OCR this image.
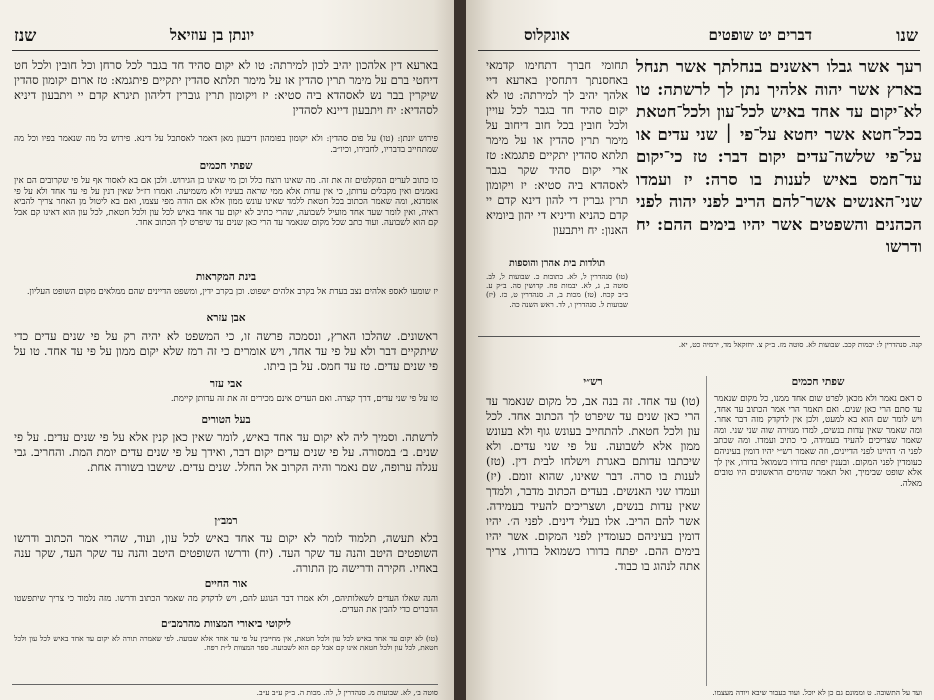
שנז	יונתן בן עוזיאל
בארעא דין אלהכון יהיב לכון למירתה: טו לא יקום סהיד חד בגבר לכל סרחן וכל חובין ולכל חט דיחטי ברם על מימר תרין סהדין או על מימר תלתא סהדין יתקיים פיתגמא: טז ארום יקומון סהדין שיקרין בבר נש לאסהדא ביה סטיא: יז ויקומון תרין גוברין דליהון תיגרא קדם יי ויתבעון דיניא לסהדיא: יח ויתבעון דיינא לסהדין
פירוש יונתן: (טו) על פום סהדין: ולא יקומון בפומהון דיבעון מאן דאמר לאסתכל על דינא. פירוש כל מה שנאמר בפיו וכל מה שמתחייב בדבריו, לחבירו, וכיו״ב.
שפתי חכמים
כו כתוב לערים המקלטים זה את זה. מה שאינו רוצח כלל וכן מי שאינו בן הגירוש. ולכן אם בא לאסור אף על פי שקרובים הם אין נאמנים ואין מקבלים עדותן, כי אין עדות אלא ממי שראה בעיניו ולא משמיעה. ואמרו רז״ל שאין דנין על פי עד אחד ולא על פי אומדנא, ומה שאמר הכתוב בכל חטאת ללמד שאינו עונש ממון אלא אם הודה מפי עצמו, ואם בא ליטול מן האחר צריך להביא ראיה, ואין לומר שעד אחד מועיל לשבועה, שהרי כתיב לא יקום עד אחד באיש לכל עון ולכל חטאת, לכל עון הוא דאינו קם אבל קם הוא לשבועה. ועוד כתב שכל מקום שנאמר עד הרי כאן שנים עד שיפרט לך הכתוב אחד.
בינת המקראות
יז שומעו לאספ אלהים נצב בעדת אל בקרב אלהים ישפוט. וכן בקרב ידין, ומשפט הדיינים שהם ממלאים מקום השופט העליון.
אבן עזרא
ראשונים. שהלכו הארץ, ונסמכה פרשה זו, כי המשפט לא יהיה רק על פי שנים עדים כדי שיתקיים דבר ולא על פי עד אחד, ויש אומרים כי זה רמז שלא יקום ממון על פי עד אחד. טו על פי שנים עדים. טז עד חמס. על בן ביתו.
אבי עזר
טו על פי שני עדים, דרך קצרה. ואם העדים אינם מכירים זה את זה עדותן קיימת.
בעל הטורים
לרשתה. וסמיך ליה לא יקום עד אחד באיש, לומר שאין כאן קנין אלא על פי שנים עדים. על פי שנים. ב׳ במסורה. על פי שנים עדים יקום דבר, ואידך על פי שנים עדים יומת המת. והחריב. גבי עגלה ערופה, שם נאמר והיה הקרוב אל החלל. שנים עדים. שישבו בשורה אחת.
רמב״ן
בלא תעשה, תלמוד לומר לא יקום עד אחד באיש לכל עון, ועוד, שהרי אמר הכתוב ודרשו השופטים היטב והנה עד שקר העד. (יח) ודרשו השופטים היטב והנה עד שקר העד, שקר ענה באחיו. חקירה ודרישה מן התורה.
אור החיים
והנה שאלו העדים לשאלותיהם, ולא אמרו דבר הנוגע להם, ויש לדקדק מה שאמר הכתוב ודרשו. מזה נלמוד כי צריך שיתפשטו הדברים כדי להבין את העדים.
ליקוטי ביאורי המצוות מהרמב״ם
(טו) לא יקום עד אחד באיש לכל עון ולכל חטאת, אין מחייבין על פי עד אחד אלא שבועה. לפי שאמרה תורה לא יקום עד אחד באיש לכל עון ולכל חטאת, לכל עון ולכל חטאת אינו קם אבל קם הוא לשבועה. ספר המצוות ל״ת רפח.
סוטה ב׳, לא. שבועות מ. סנהדרין ל, לה. מכות ה. ב״ק ע״ב ע״ב.
שנו
דברים יט שופטים
אונקלוס
רעך אשר גבלו ראשנים בנחלתך אשר תנחל בארץ אשר יהוה אלהיך נתן לך לרשתה: טו לא־יקום עד אחד באיש לכל־עון ולכל־חטאת בכל־חטא אשר יחטא על־פי ׀ שני עדים או על־פי שלשה־עדים יקום דבר: טז כי־יקום עד־חמס באיש לענות בו סרה: יז ועמדו שני־האנשים אשר־להם הריב לפני יהוה לפני הכהנים והשפטים אשר יהיו בימים ההם: יח ודרשו
תחומי חברך דתחימו קדמאי באחסנתך דתחסין בארעא דיי אלהך יהיב לך למירתה: טו לא יקום סהיד חד בגבר לכל עויין ולכל חובין בכל חוב דיחוב על מימר תרין סהדין או על מימר תלתא סהדין יתקיים פתגמא: טז ארי יקום סהיד שקר בגבר לאסהדא ביה סטיא: יז ויקומון תרין גברין די להון דינא קדם יי קדם כהניא ודיניא די יהון ביומיא האנון: יח ויתבעון
תולדות בית אהרן והוספות
(טו) סנהדרין ל, לא. כתובות כ. שבועות ל, לב. סוטה ב, ג, לא. יבמות פח. קדושין סה. ב״ק ע. ב״ב קכח. (טז) מכות ב, ה. סנהדרין ט, כז. (יז) שבועות ל. סנהדרין ו, לד. ראש השנה כה.
קנה. סנהדרין ל: יבמות קכב. שבועות לא. סוטה מז. ב״ק צ. יחזקאל מד, ירמיה כט, יא.
רש״י
(טו) עד אחד. זה בנה אב, כל מקום שנאמר עד הרי כאן שנים עד שיפרט לך הכתוב אחד. לכל עון ולכל חטאת. להתחייב בעונש גוף ולא בעונש ממון אלא לשבועה. על פי שני עדים. ולא שיכתבו עדותם באגרת וישלחו לבית דין. (טז) לענות בו סרה. דבר שאינו, שהוא זומם. (יז) ועמדו שני האנשים. בעדים הכתוב מדבר, ולמדך שאין עדות בנשים, ושצריכים להעיד בעמידה. אשר להם הריב. אלו בעלי דינים. לפני ה׳. יהיו דומין בעיניהם כעומדין לפני המקום. אשר יהיו בימים ההם. יפתח בדורו כשמואל בדורו, צריך אתה לנהוג בו כבוד.
שפתי חכמים
ס דאם נאמר ולא מכאן לפרט שום אחד ממנו, כל מקום שנאמר עד סתם הרי כאן שנים. ואם תאמר הרי אמר הכתוב עד אחד, ויש לומר שם הוא בא למעט, ולכן אין לדקדק מזה דבר אחר. ומה שאמר שאין עדות בנשים, למדו מגזירה שוה שני שני. ומה שאמר שצריכים להעיד בעמידה, כי כתיב ועמדו. ומה שכתב לפני ה׳ דהיינו לפני הדיינים, וזה שאמר רש״י יהיו דומין בעיניהם כעומדין לפני המקום. ובענין יפתח בדורו כשמואל בדורו, אין לך אלא שופט שבימיך, ואל תאמר שהימים הראשונים היו טובים מאלה.
ועד על התשובה. ט וממונם גם כן לא יוכל. ועוד בעבור שיבא ויודה מעצמו.
